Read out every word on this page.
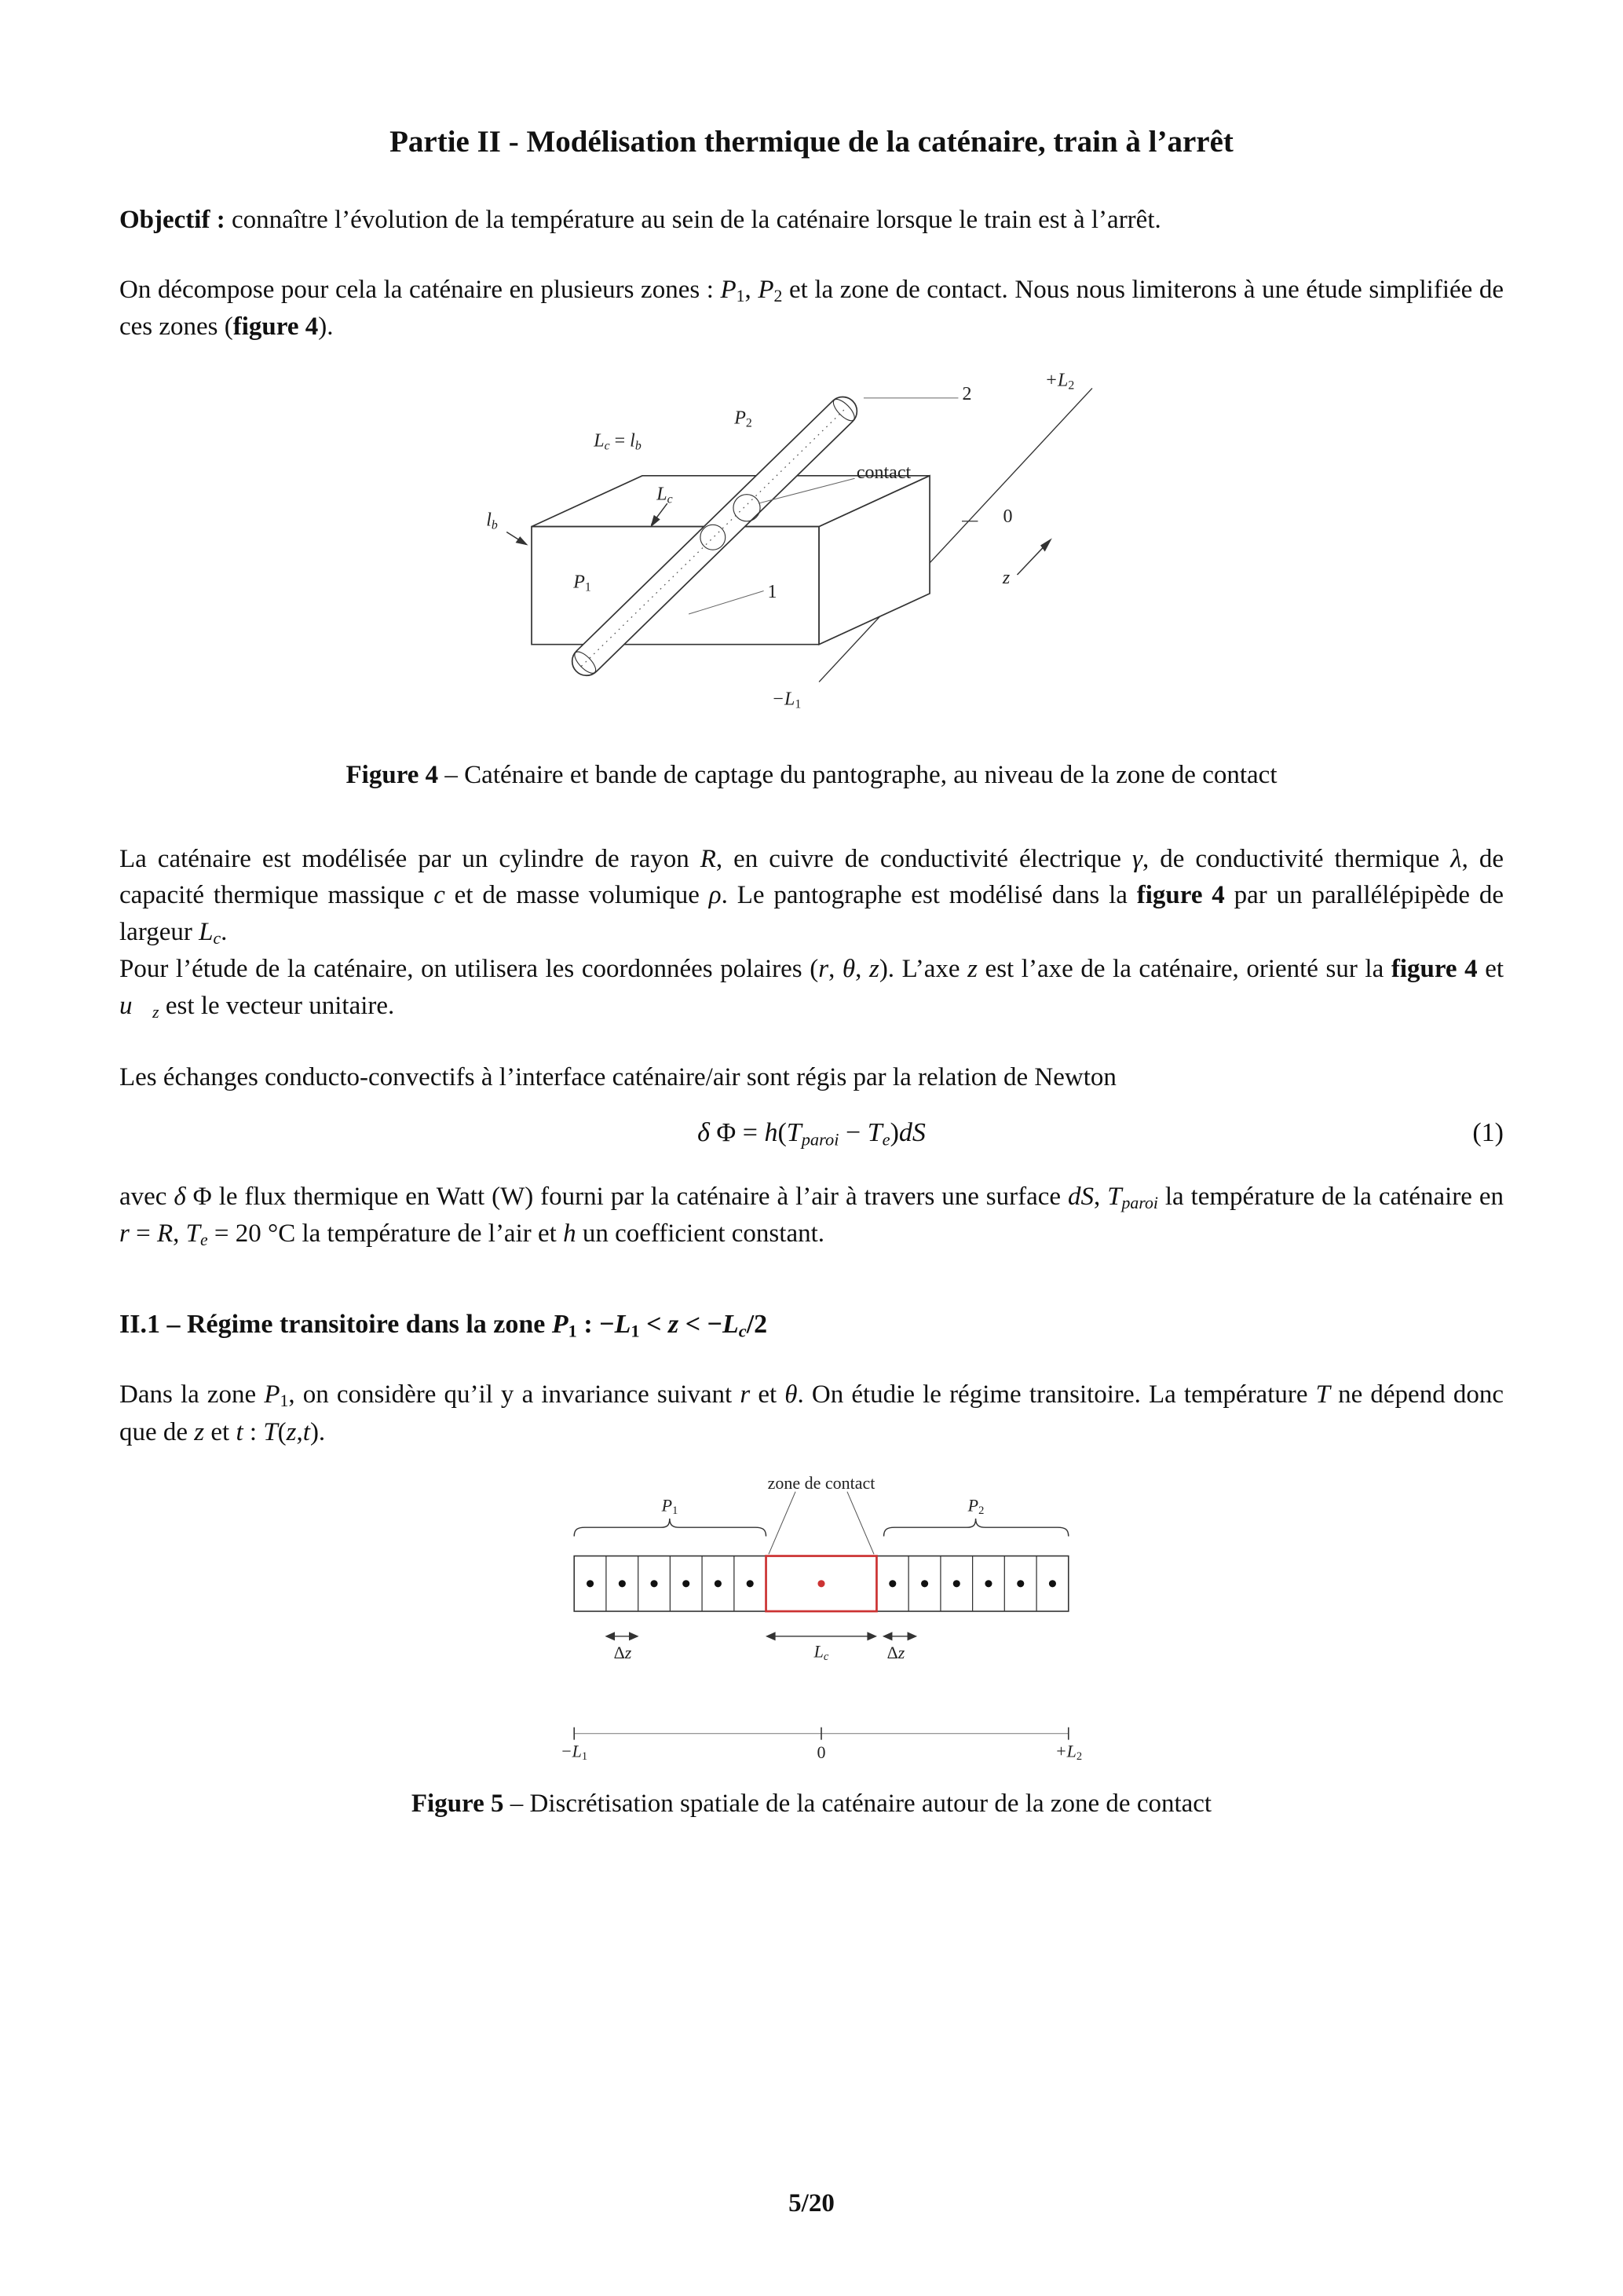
Partie II - Modélisation thermique de la caténaire, train à l’arrêt

Objectif : connaître l’évolution de la température au sein de la caténaire lorsque le train est à l’arrêt.

On décompose pour cela la caténaire en plusieurs zones : P1, P2 et la zone de contact. Nous nous limiterons à une étude simplifiée de ces zones (figure 4).

Lc = lb
Lc
lb
P1
P2
contact
2
1
0
z
−L1
+L2

Figure 4 – Caténaire et bande de captage du pantographe, au niveau de la zone de contact

La caténaire est modélisée par un cylindre de rayon R, en cuivre de conductivité électrique γ, de conductivité thermique λ, de capacité thermique massique c et de masse volumique ρ. Le pantographe est modélisé dans la figure 4 par un parallélépipède de largeur Lc.

Pour l’étude de la caténaire, on utilisera les coordonnées polaires (r, θ, z). L’axe z est l’axe de la caténaire, orienté sur la figure 4 et u⃗z est le vecteur unitaire.

Les échanges conducto-convectifs à l’interface caténaire/air sont régis par la relation de Newton

δ Φ = h(Tparoi − Te)dS	(1)

avec δ Φ le flux thermique en Watt (W) fourni par la caténaire à l’air à travers une surface dS, Tparoi la température de la caténaire en r = R, Te = 20 °C la température de l’air et h un coefficient constant.

II.1 – Régime transitoire dans la zone P1 : −L1 < z < −Lc/2

Dans la zone P1, on considère qu’il y a invariance suivant r et θ. On étudie le régime transitoire. La température T ne dépend donc que de z et t : T(z,t).

zone de contact
P1	P2
Δz	Lc	Δz
−L1	0	+L2

Figure 5 – Discrétisation spatiale de la caténaire autour de la zone de contact

5/20
